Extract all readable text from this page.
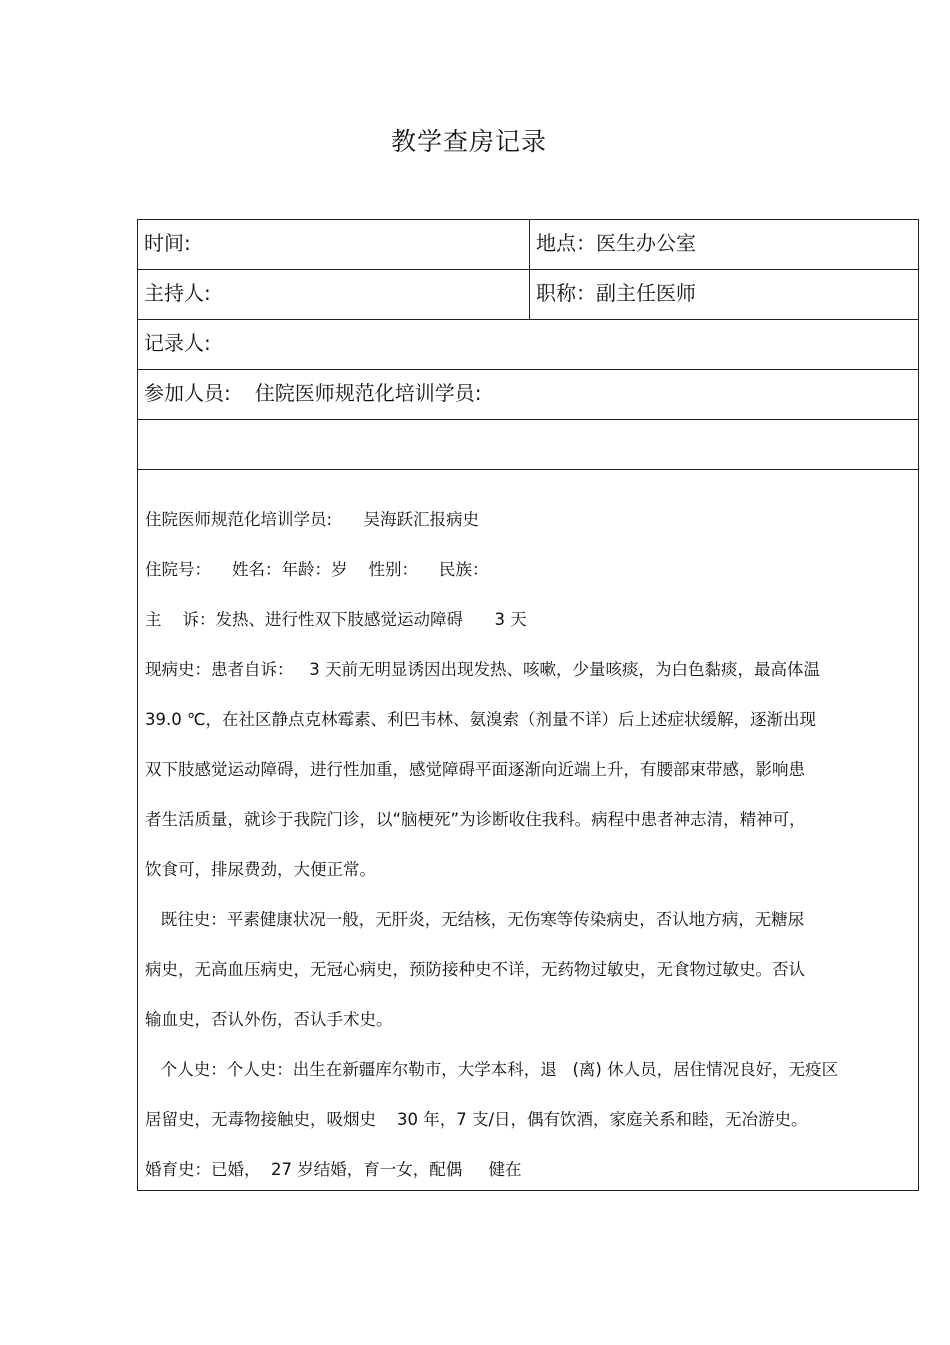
教学查房记录
时间:	地点：医生办公室
主持人:	职称：副主任医师
记录人:
参加人员: 住院医师规范化培训学员:
住院医师规范化培训学员:      吴海跃汇报病史
住院号：    姓名：年龄：岁    性别：    民族：
主    诉：发热、进行性双下肢感觉运动障碍      3 天
现病史：患者自诉：   3 天前无明显诱因出现发热、咳嗽，少量咳痰，为白色黏痰，最高体温
39.0 ℃，在社区静点克林霉素、利巴韦林、氨溴索（剂量不详）后上述症状缓解，逐渐出现
双下肢感觉运动障碍，进行性加重，感觉障碍平面逐渐向近端上升，有腰部束带感，影响患
者生活质量，就诊于我院门诊，以“脑梗死”为诊断收住我科。病程中患者神志清，精神可，
饮食可，排尿费劲，大便正常。
既往史：平素健康状况一般，无肝炎，无结核，无伤寒等传染病史，否认地方病，无糖尿
病史，无高血压病史，无冠心病史，预防接种史不详，无药物过敏史，无食物过敏史。否认
输血史，否认外伤，否认手术史。
个人史：个人史：出生在新疆库尔勒市，大学本科，退   (离) 休人员，居住情况良好，无疫区
居留史，无毒物接触史，吸烟史    30 年，7 支/日，偶有饮酒，家庭关系和睦，无冶游史。
婚育史：已婚，  27 岁结婚，育一女，配偶     健在
